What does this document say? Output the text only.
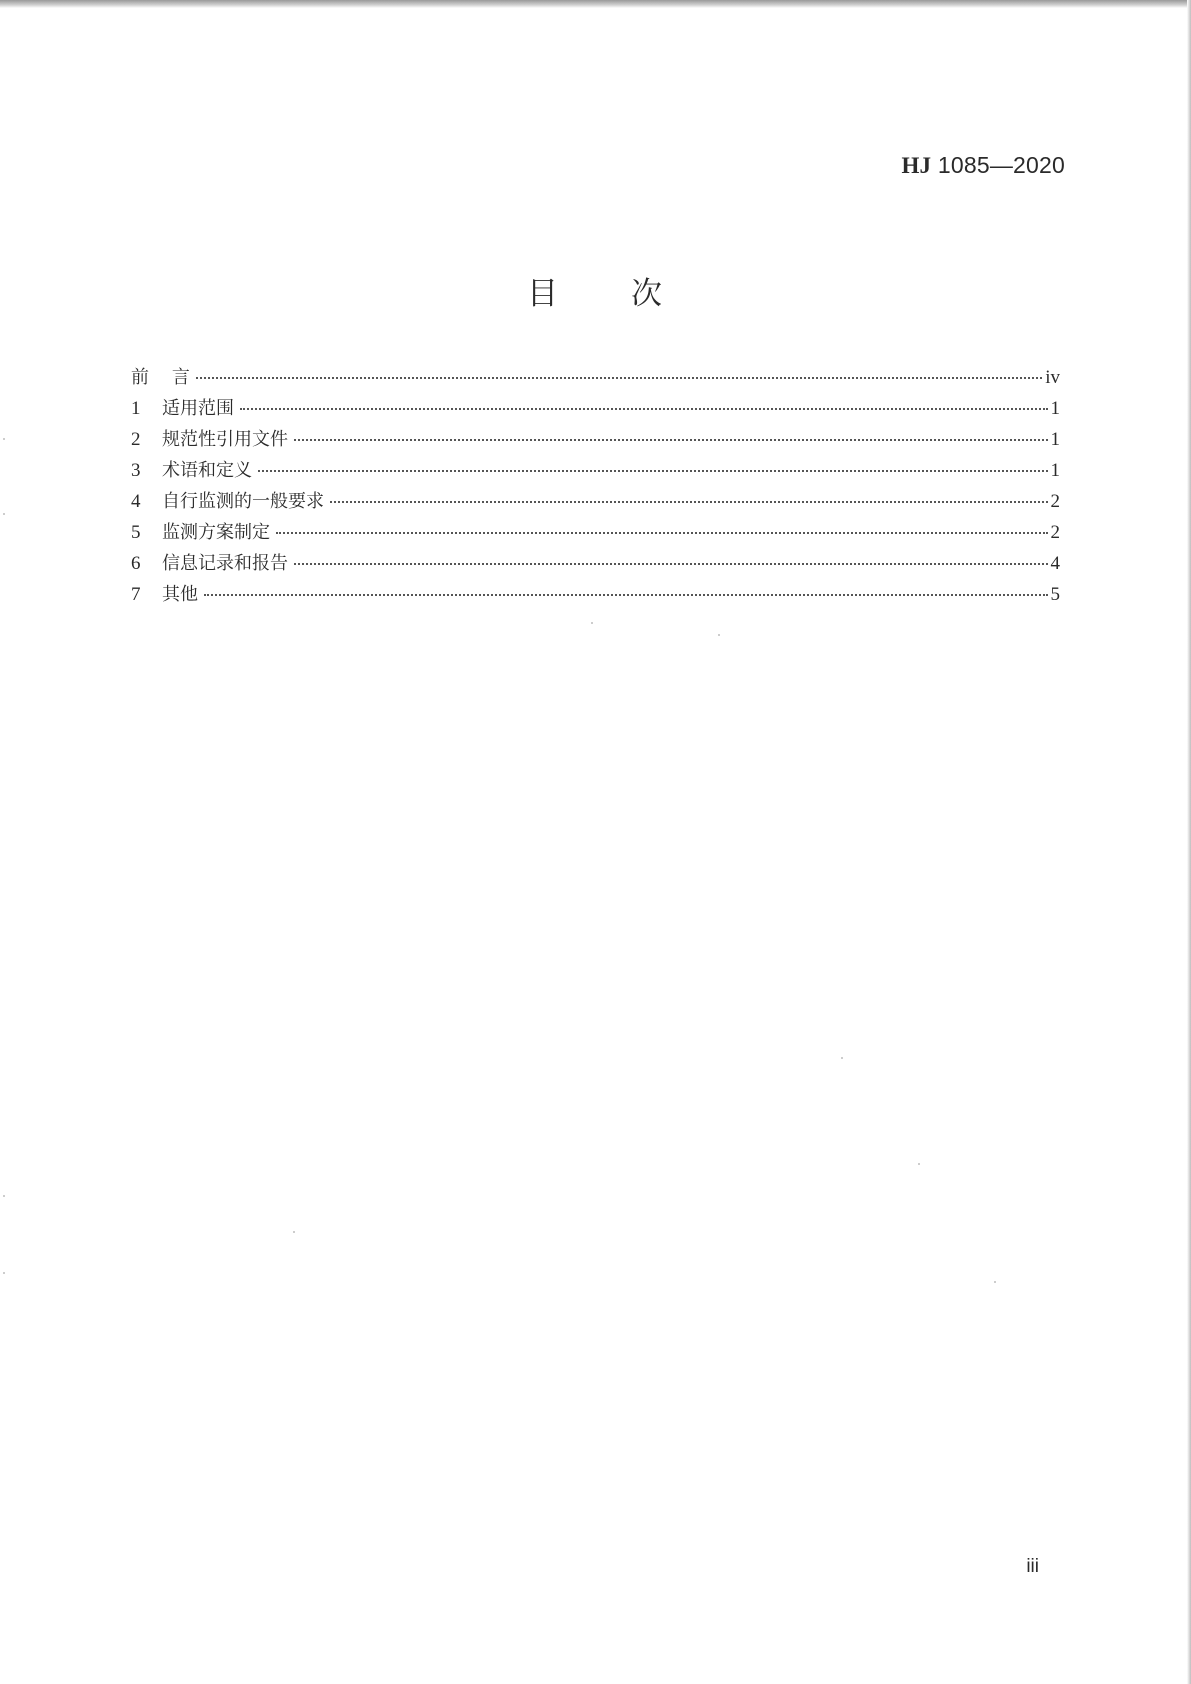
HJ 1085—2020
目      次
前    言	iv
1	适用范围	1
2	规范性引用文件	1
3	术语和定义	1
4	自行监测的一般要求	2
5	监测方案制定	2
6	信息记录和报告	4
7	其他	5
iii
